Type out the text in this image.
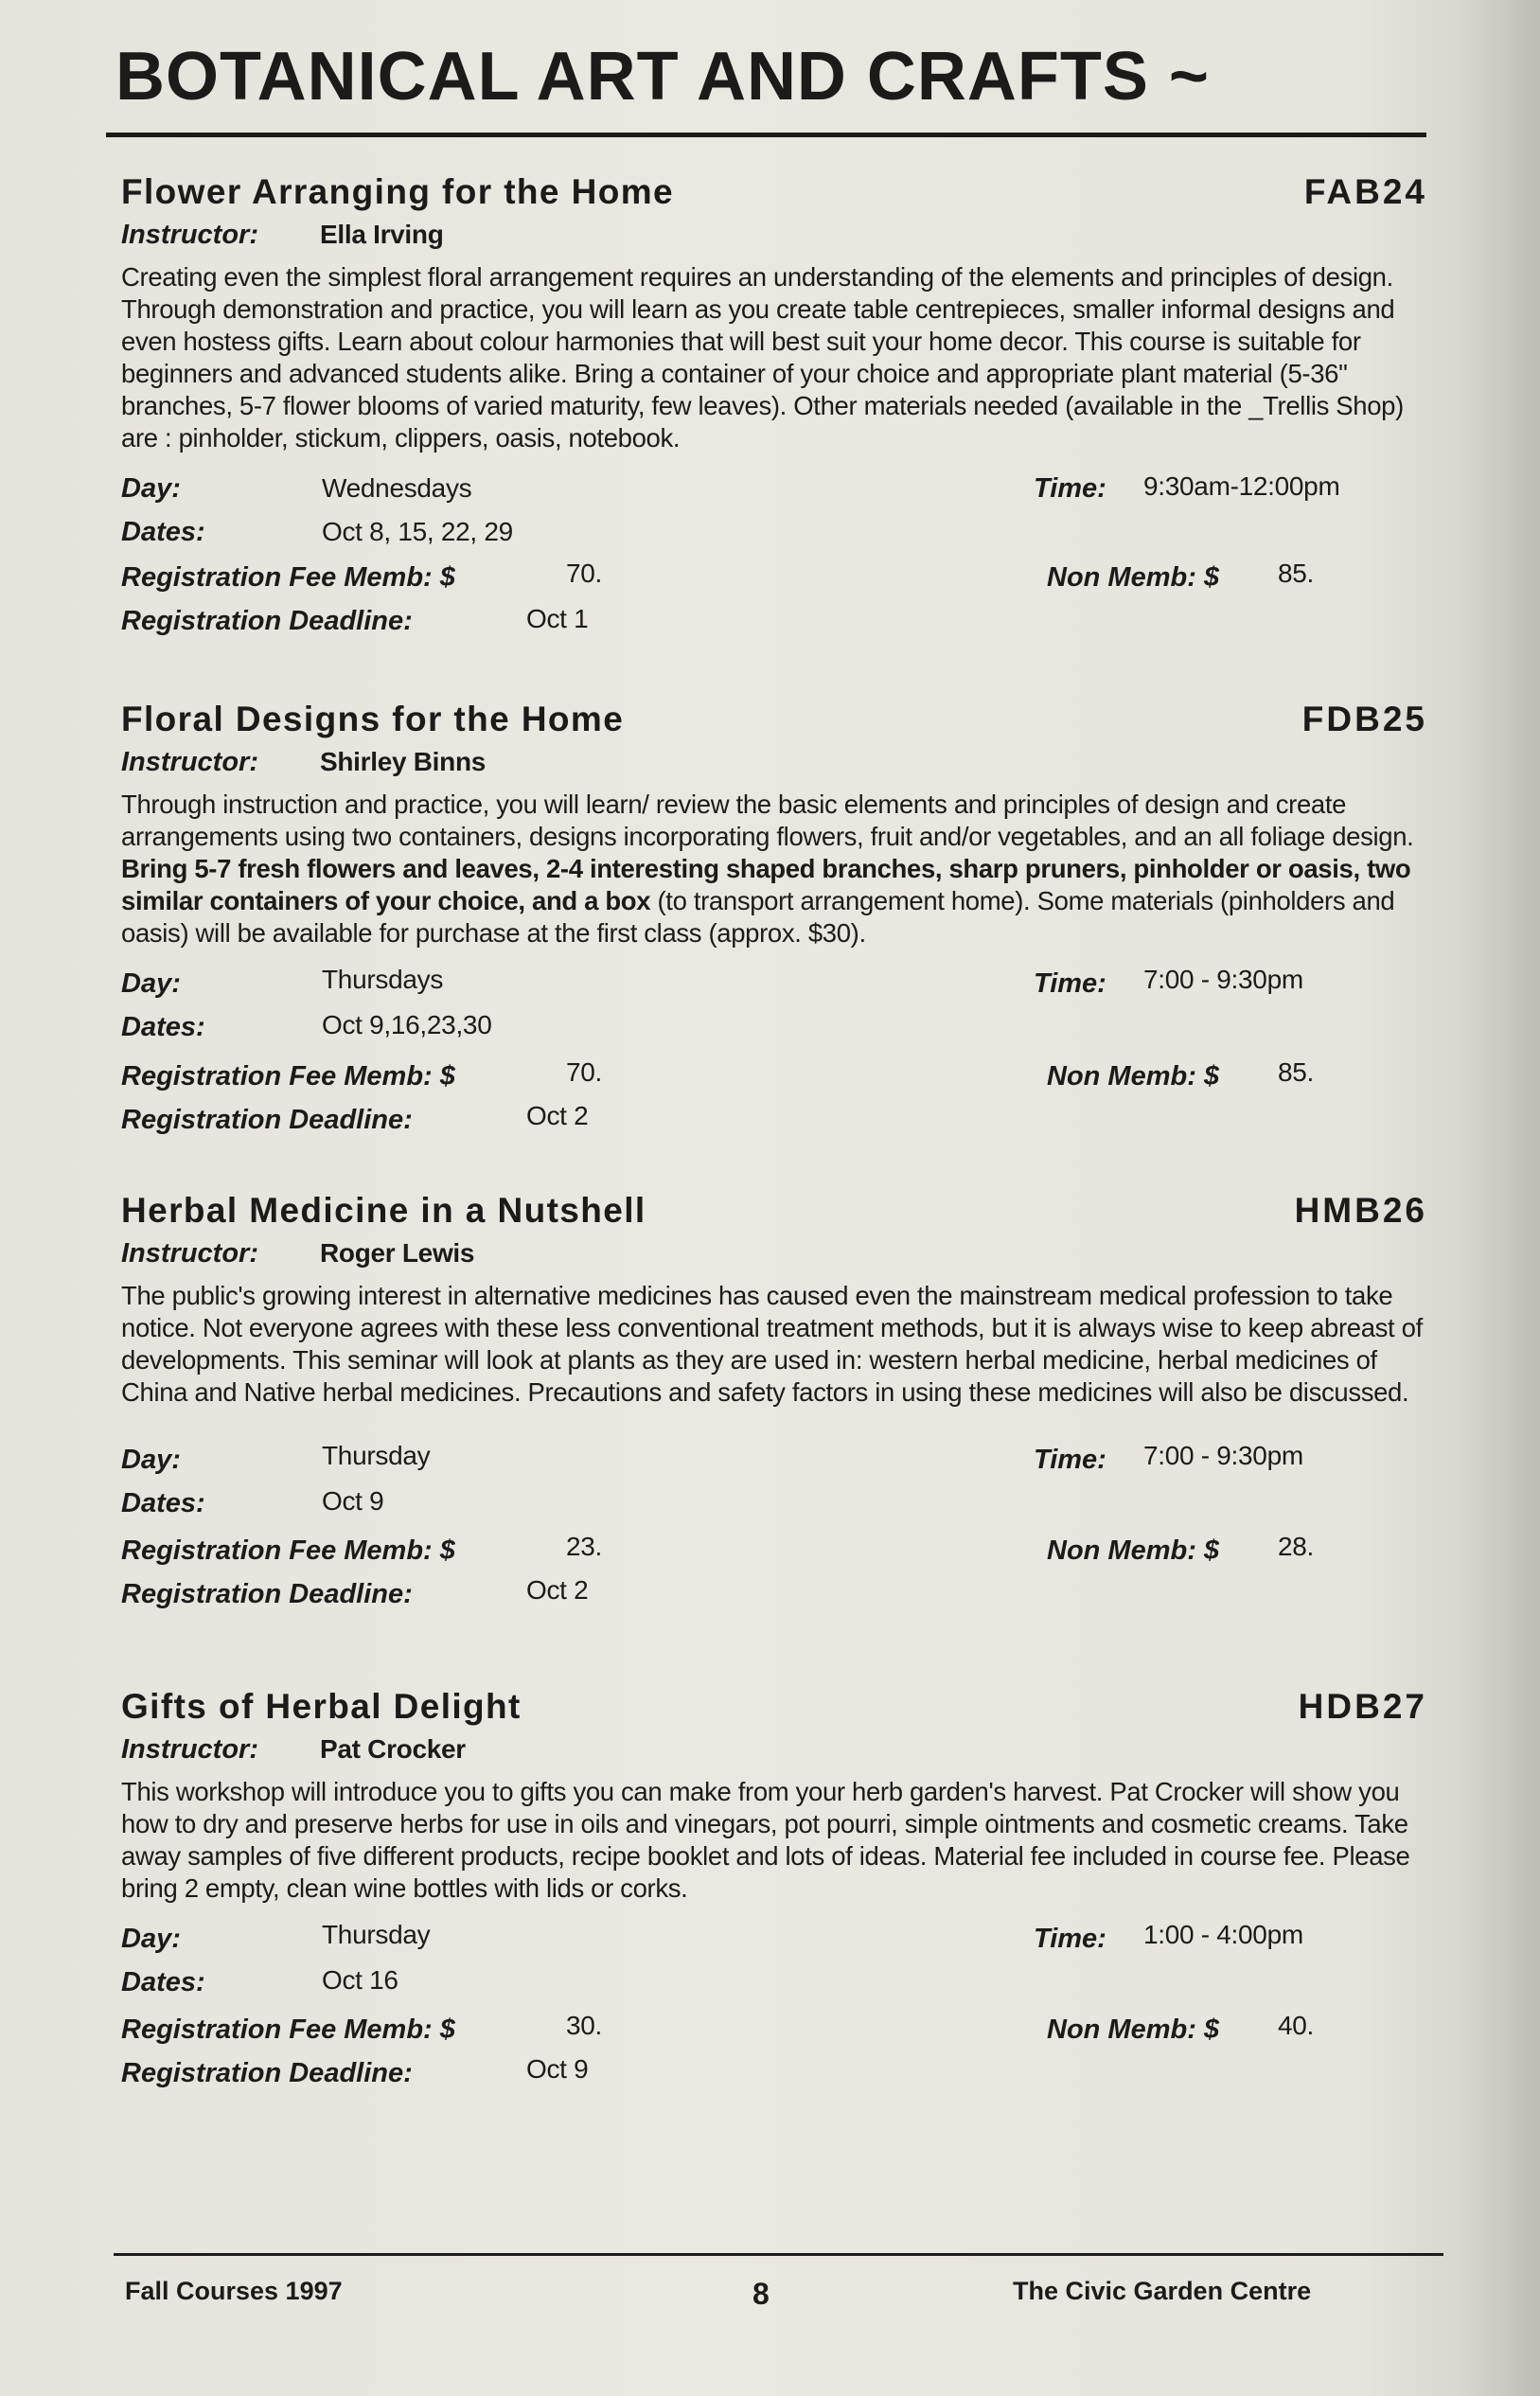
BOTANICAL ART AND CRAFTS ~
Flower Arranging for the Home	FAB24
Instructor: Ella Irving

Creating even the simplest floral arrangement requires an understanding of the elements and principles of design. Through demonstration and practice, you will learn as you create table centrepieces, smaller informal designs and even hostess gifts. Learn about colour harmonies that will best suit your home decor. This course is suitable for beginners and advanced students alike. Bring a container of your choice and appropriate plant material (5-36" branches, 5-7 flower blooms of varied maturity, few leaves). Other materials needed (available in the _Trellis Shop) are : pinholder, stickum, clippers, oasis, notebook.

Day:	Wednesdays	Time: 9:30am-12:00pm
Dates:	Oct 8, 15, 22, 29
Registration Fee Memb: $	70.	Non Memb: $ 85.
Registration Deadline:	Oct 1
Floral Designs for the Home	FDB25
Instructor: Shirley Binns

Through instruction and practice, you will learn/ review the basic elements and principles of design and create arrangements using two containers, designs incorporating flowers, fruit and/or vegetables, and an all foliage design. Bring 5-7 fresh flowers and leaves, 2-4 interesting shaped branches, sharp pruners, pinholder or oasis, two similar containers of your choice, and a box (to transport arrangement home). Some materials (pinholders and oasis) will be available for purchase at the first class (approx. $30).

Day:	Thursdays	Time: 7:00 - 9:30pm
Dates:	Oct 9,16,23,30
Registration Fee Memb: $	70.	Non Memb: $ 85.
Registration Deadline:	Oct 2
Herbal Medicine in a Nutshell	HMB26
Instructor: Roger Lewis

The public's growing interest in alternative medicines has caused even the mainstream medical profession to take notice. Not everyone agrees with these less conventional treatment methods, but it is always wise to keep abreast of developments. This seminar will look at plants as they are used in: western herbal medicine, herbal medicines of China and Native herbal medicines. Precautions and safety factors in using these medicines will also be discussed.

Day:	Thursday	Time: 7:00 - 9:30pm
Dates:	Oct 9
Registration Fee Memb: $	23.	Non Memb: $ 28.
Registration Deadline:	Oct 2
Gifts of Herbal Delight	HDB27
Instructor: Pat Crocker

This workshop will introduce you to gifts you can make from your herb garden's harvest. Pat Crocker will show you how to dry and preserve herbs for use in oils and vinegars, pot pourri, simple ointments and cosmetic creams. Take away samples of five different products, recipe booklet and lots of ideas. Material fee included in course fee. Please bring 2 empty, clean wine bottles with lids or corks.

Day:	Thursday	Time: 1:00 - 4:00pm
Dates:	Oct 16
Registration Fee Memb: $	30.	Non Memb: $ 40.
Registration Deadline:	Oct 9
Fall Courses 1997	8	The Civic Garden Centre
